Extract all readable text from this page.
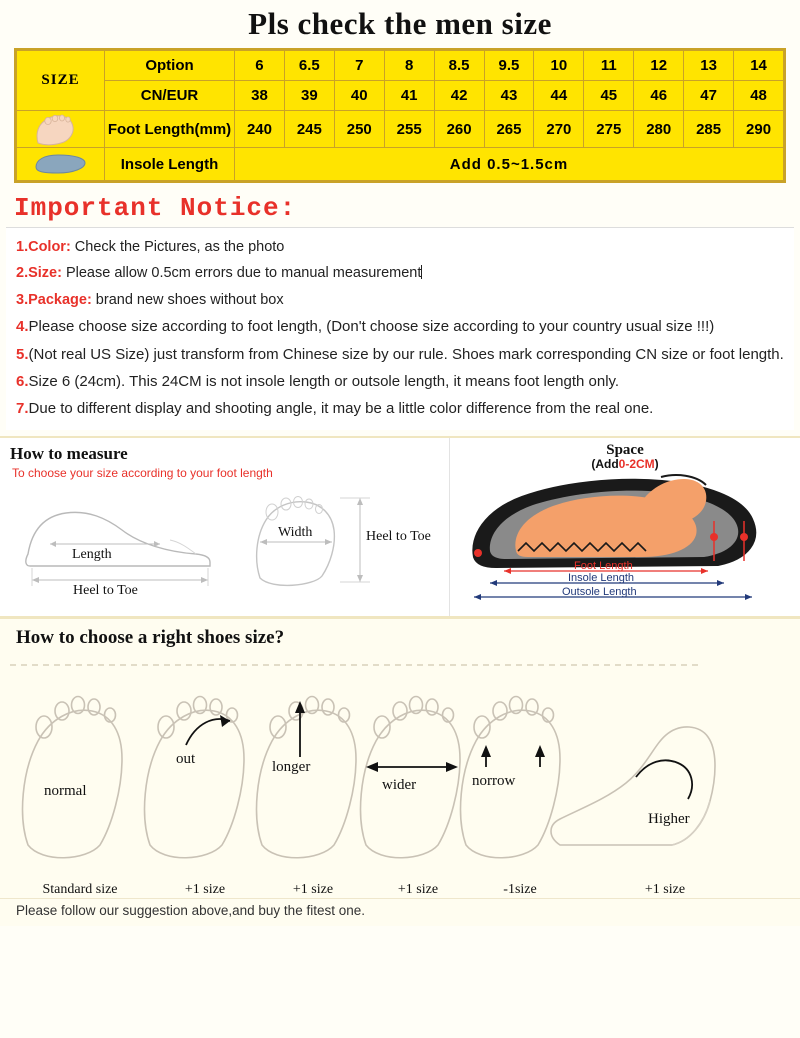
Pls check the men size
SIZE	Option	6	6.5	7	8	8.5	9.5	10	11	12	13	14
	CN/EUR	38	39	40	41	42	43	44	45	46	47	48

	Foot Length(mm)	240	245	250	255	260	265	270	275	280	285	290

	Insole Length	Add 0.5~1.5cm										
Important Notice:
1.Color: Check the Pictures, as the photo
2.Size: Please allow 0.5cm errors due to manual measurement
3.Package: brand new shoes without box
4.Please choose size according to foot length, (Don't choose size according to your country usual size !!!)
5.(Not real US Size) just transform from Chinese size by our rule. Shoes mark corresponding CN size or foot length.
6.Size 6 (24cm). This 24CM is not insole length or outsole length, it means foot length only.
7.Due to different display and shooting angle, it may be a little color difference from the real one.
How to measure
To choose your size according to your foot length
Length
Heel to Toe
Width	Heel to Toe
Space
(Add0-2CM)
Foot Length
Insole Length
Outsole Length
How to choose a right shoes size?
normal
out	longer
wider	norrow
Higher
Standard size	+1 size	+1 size	+1 size	-1size	+1 size
Please follow our suggestion above,and buy the fitest one.
